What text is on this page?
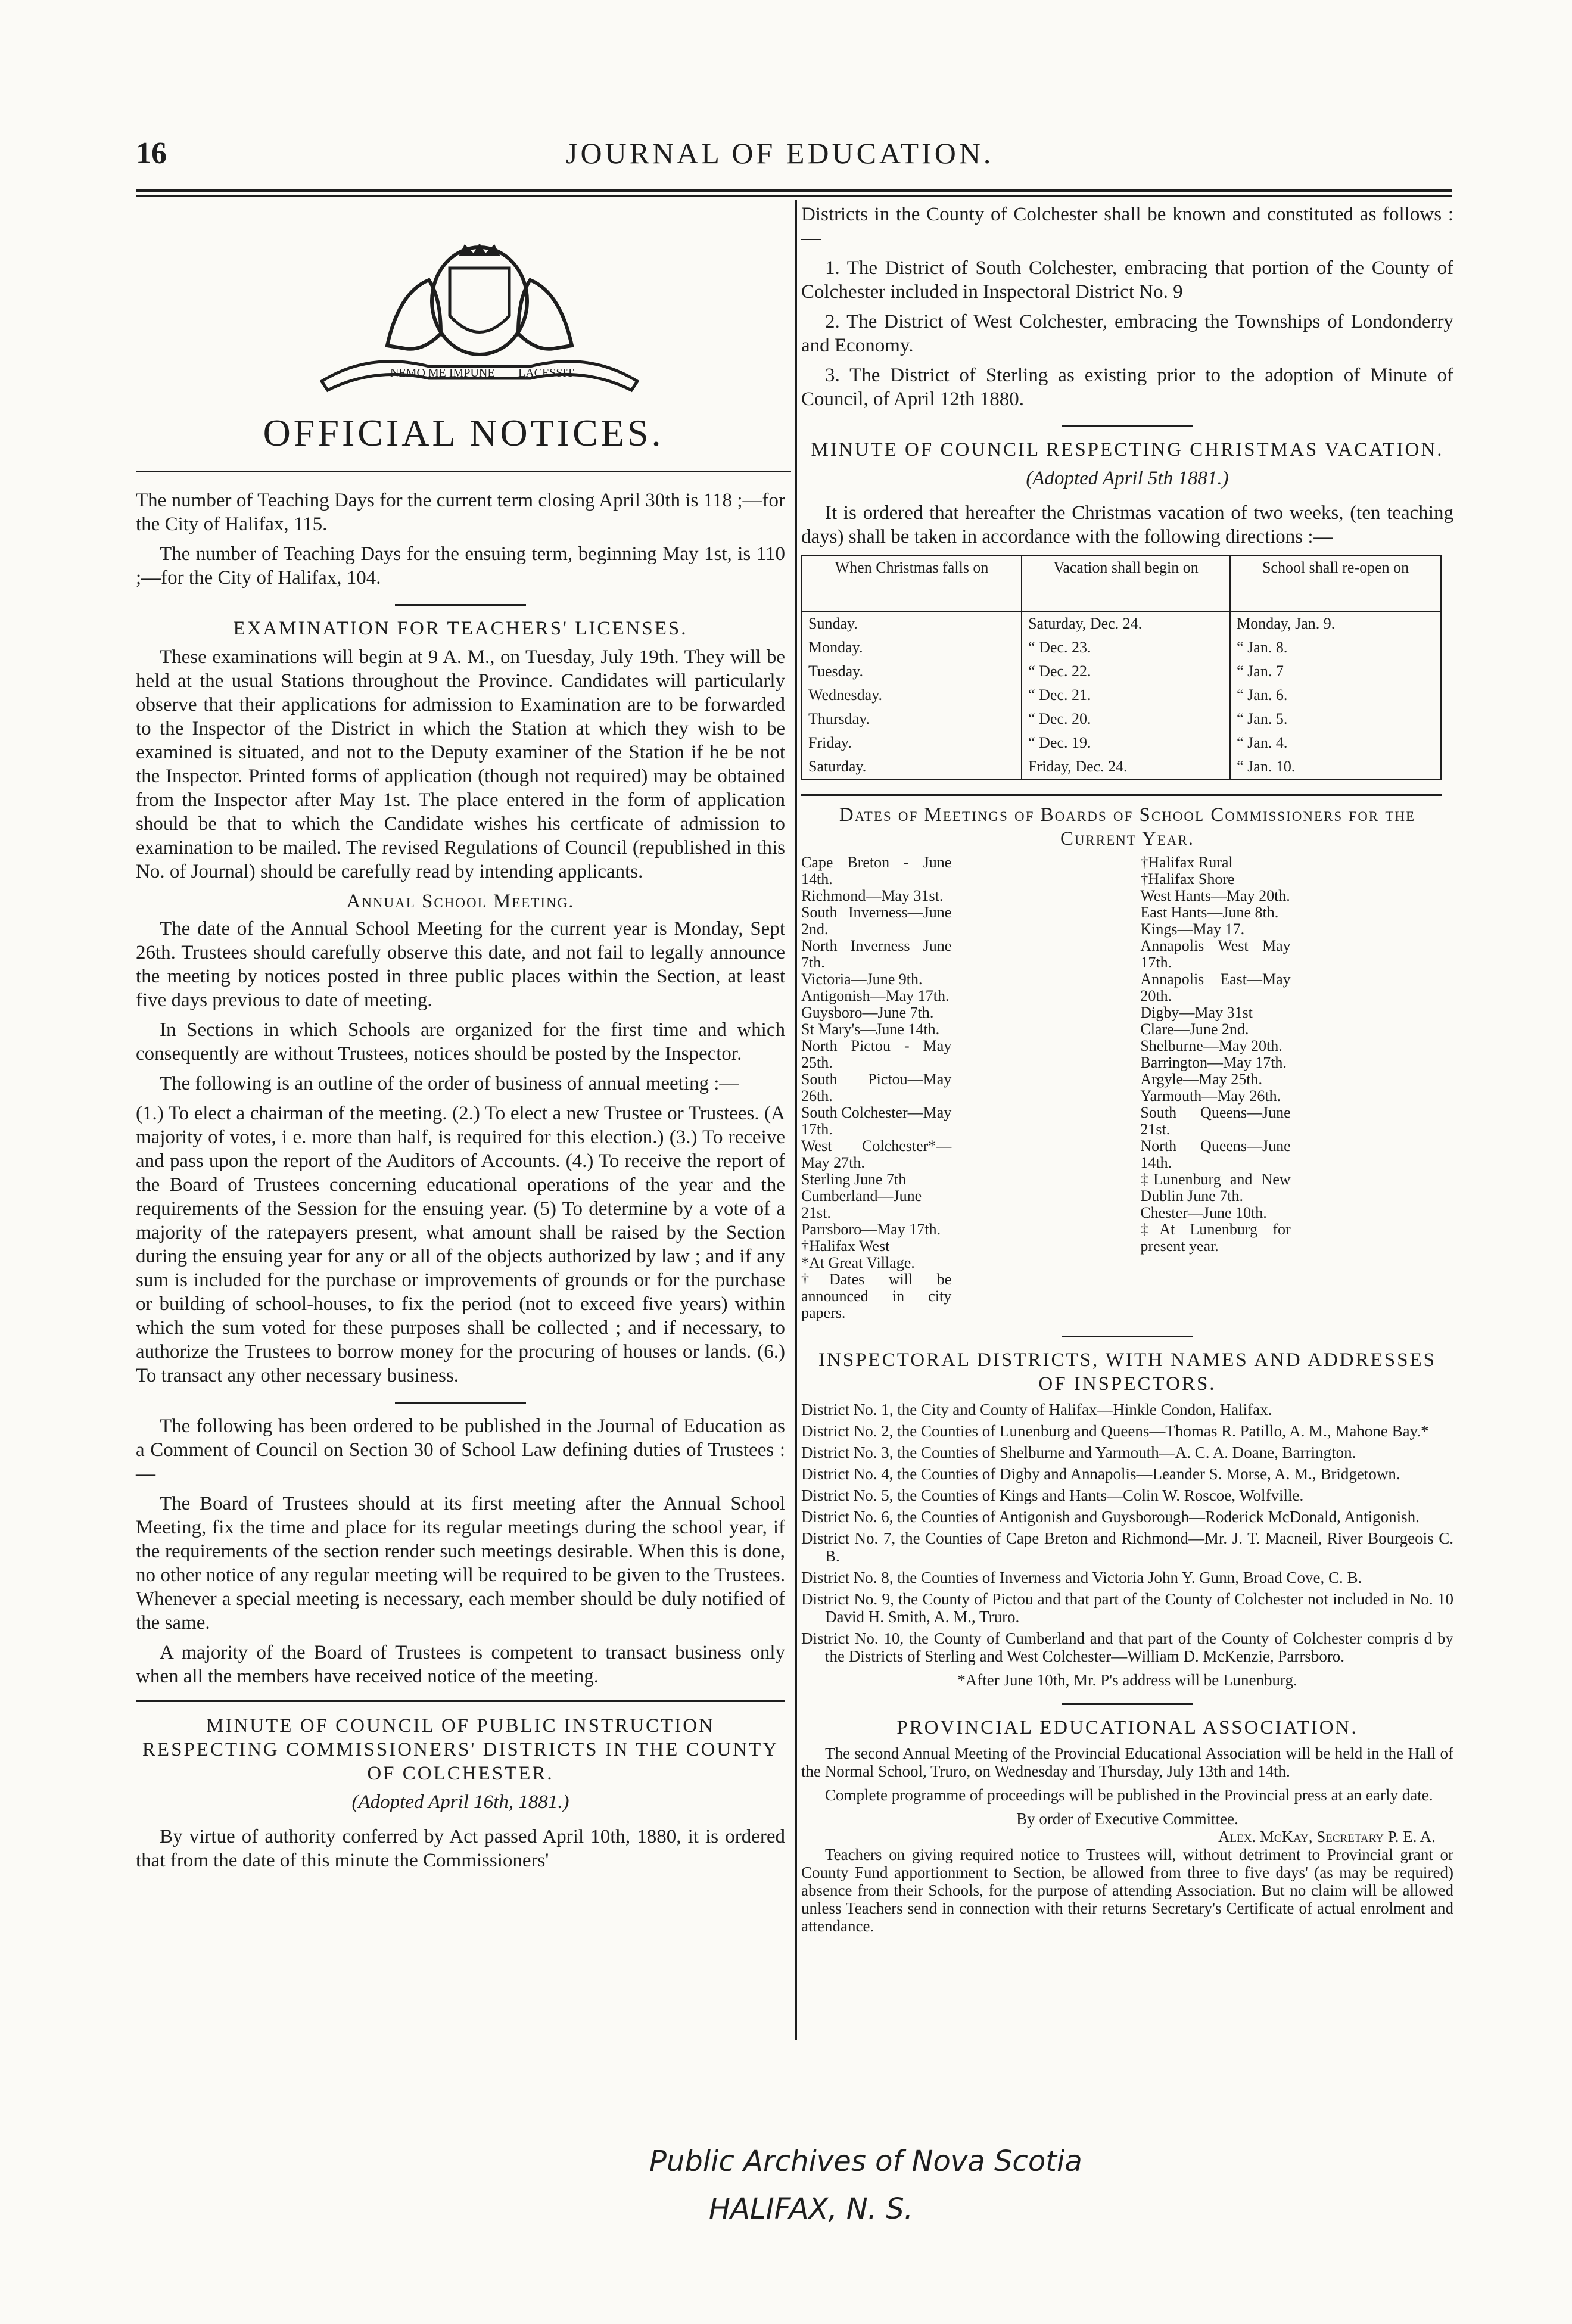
16	JOURNAL OF EDUCATION.
NEMO ME IMPUNE LACESSIT
OFFICIAL NOTICES.

The number of Teaching Days for the current term closing April 30th is 118 ;—for the City of Halifax, 115.

The number of Teaching Days for the ensuing term, beginning May 1st, is 110 ;—for the City of Halifax, 104.

EXAMINATION FOR TEACHERS' LICENSES.

These examinations will begin at 9 A. M., on Tuesday, July 19th. They will be held at the usual Stations throughout the Province. Candidates will particularly observe that their applications for admission to Examination are to be forwarded to the Inspector of the District in which the Station at which they wish to be examined is situated, and not to the Deputy examiner of the Station if he be not the Inspector. Printed forms of application (though not required) may be obtained from the Inspector after May 1st. The place entered in the form of application should be that to which the Candidate wishes his certficate of admission to examination to be mailed. The revised Regulations of Council (republished in this No. of Journal) should be carefully read by intending applicants.

Annual School Meeting.

The date of the Annual School Meeting for the current year is Monday, Sept 26th. Trustees should carefully observe this date, and not fail to legally announce the meeting by notices posted in three public places within the Section, at least five days previous to date of meeting.

In Sections in which Schools are organized for the first time and which consequently are without Trustees, notices should be posted by the Inspector.

The following is an outline of the order of business of annual meeting :—

(1.) To elect a chairman of the meeting. (2.) To elect a new Trustee or Trustees. (A majority of votes, i e. more than half, is required for this election.) (3.) To receive and pass upon the report of the Auditors of Accounts. (4.) To receive the report of the Board of Trustees concerning educational operations of the year and the requirements of the Session for the ensuing year. (5) To determine by a vote of a majority of the ratepayers present, what amount shall be raised by the Section during the ensuing year for any or all of the objects authorized by law ; and if any sum is included for the purchase or improvements of grounds or for the purchase or building of school-houses, to fix the period (not to exceed five years) within which the sum voted for these purposes shall be collected ; and if necessary, to authorize the Trustees to borrow money for the procuring of houses or lands. (6.) To transact any other necessary business.

The following has been ordered to be published in the Journal of Education as a Comment of Council on Section 30 of School Law defining duties of Trustees :—

The Board of Trustees should at its first meeting after the Annual School Meeting, fix the time and place for its regular meetings during the school year, if the requirements of the section render such meetings desirable. When this is done, no other notice of any regular meeting will be required to be given to the Trustees. Whenever a special meeting is necessary, each member should be duly notified of the same.

A majority of the Board of Trustees is competent to transact business only when all the members have received notice of the meeting.

MINUTE OF COUNCIL OF PUBLIC INSTRUCTION RESPECTING COMMISSIONERS' DISTRICTS IN THE COUNTY OF COLCHESTER.
(Adopted April 16th, 1881.)

By virtue of authority conferred by Act passed April 10th, 1880, it is ordered that from the date of this minute the Commissioners'

Districts in the County of Colchester shall be known and constituted as follows :—

1. The District of South Colchester, embracing that portion of the County of Colchester included in Inspectoral District No. 9

2. The District of West Colchester, embracing the Townships of Londonderry and Economy.

3. The District of Sterling as existing prior to the adoption of Minute of Council, of April 12th 1880.

MINUTE OF COUNCIL RESPECTING CHRISTMAS VACATION.
(Adopted April 5th 1881.)

It is ordered that hereafter the Christmas vacation of two weeks, (ten teaching days) shall be taken in accordance with the following directions :—

When Christmas falls on	Vacation shall begin on	School shall re-open on
Sunday.	Saturday, Dec. 24.	Monday, Jan. 9.
Monday.	“ Dec. 23.	“ Jan. 8.
Tuesday.	“ Dec. 22.	“ Jan. 7
Wednesday.	“ Dec. 21.	“ Jan. 6.
Thursday.	“ Dec. 20.	“ Jan. 5.
Friday.	“ Dec. 19.	“ Jan. 4.
Saturday.	Friday, Dec. 24.	“ Jan. 10.
Dates of Meetings of Boards of School Commissioners for the Current Year.
Cape Breton - June 14th.
Richmond—May 31st.
South Inverness—June 2nd.
North Inverness June 7th.
Victoria—June 9th.
Antigonish—May 17th.
Guysboro—June 7th.
St Mary's—June 14th.
North Pictou - May 25th.
South Pictou—May 26th.
South Colchester—May 17th.
West Colchester*—May 27th.
Sterling June 7th
Cumberland—June 21st.
Parrsboro—May 17th.
†Halifax West
*At Great Village.
†Dates will be announced in city papers.
†Halifax Rural
†Halifax Shore
West Hants—May 20th.
East Hants—June 8th.
Kings—May 17.
Annapolis West May 17th.
Annapolis East—May 20th.
Digby—May 31st
Clare—June 2nd.
Shelburne—May 20th.
Barrington—May 17th.
Argyle—May 25th.
Yarmouth—May 26th.
South Queens—June 21st.
North Queens—June 14th.
‡Lunenburg and New Dublin June 7th.
Chester—June 10th.
‡At Lunenburg for present year.
INSPECTORAL DISTRICTS, WITH NAMES AND ADDRESSES OF INSPECTORS.
District No. 1, the City and County of Halifax—Hinkle Condon, Halifax.
District No. 2, the Counties of Lunenburg and Queens—Thomas R. Patillo, A. M., Mahone Bay.*
District No. 3, the Counties of Shelburne and Yarmouth—A. C. A. Doane, Barrington.
District No. 4, the Counties of Digby and Annapolis—Leander S. Morse, A. M., Bridgetown.
District No. 5, the Counties of Kings and Hants—Colin W. Roscoe, Wolfville.
District No. 6, the Counties of Antigonish and Guysborough—Roderick McDonald, Antigonish.
District No. 7, the Counties of Cape Breton and Richmond—Mr. J. T. Macneil, River Bourgeois C. B.
District No. 8, the Counties of Inverness and Victoria John Y. Gunn, Broad Cove, C. B.
District No. 9, the County of Pictou and that part of the County of Colchester not included in No. 10 David H. Smith, A. M., Truro.
District No. 10, the County of Cumberland and that part of the County of Colchester compris d by the Districts of Sterling and West Colchester—William D. McKenzie, Parrsboro.
*After June 10th, Mr. P's address will be Lunenburg.
PROVINCIAL EDUCATIONAL ASSOCIATION.

The second Annual Meeting of the Provincial Educational Association will be held in the Hall of the Normal School, Truro, on Wednesday and Thursday, July 13th and 14th.

Complete programme of proceedings will be published in the Provincial press at an early date.

By order of Executive Committee.
Alex. McKay, Secretary P. E. A.

Teachers on giving required notice to Trustees will, without detriment to Provincial grant or County Fund apportionment to Section, be allowed from three to five days' (as may be required) absence from their Schools, for the purpose of attending Association. But no claim will be allowed unless Teachers send in connection with their returns Secretary's Certificate of actual enrolment and attendance.

Public Archives of Nova Scotia
HALIFAX, N. S.
